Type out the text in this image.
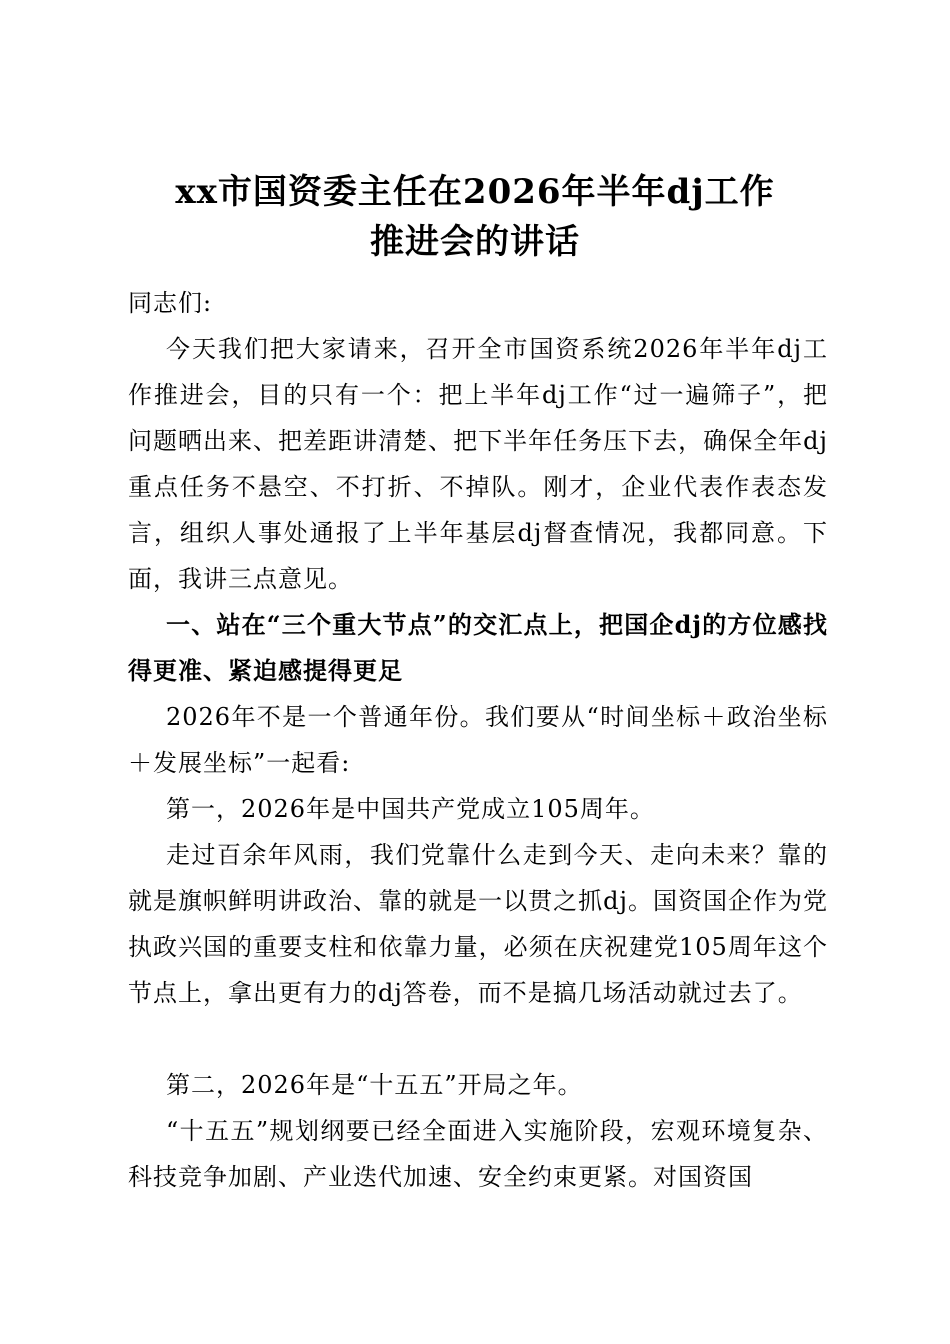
xx市国资委主任在2026年半年dj工作
推进会的讲话

同志们:

今天我们把大家请来，召开全市国资系统2026年半年dj工作推进会，目的只有一个：把上半年dj工作“过一遍筛子”，把问题晒出来、把差距讲清楚、把下半年任务压下去，确保全年dj重点任务不悬空、不打折、不掉队。刚才，企业代表作表态发言，组织人事处通报了上半年基层dj督查情况，我都同意。下面，我讲三点意见。

一、站在“三个重大节点”的交汇点上，把国企dj的方位感找得更准、紧迫感提得更足

2026年不是一个普通年份。我们要从“时间坐标＋政治坐标＋发展坐标”一起看:

第一，2026年是中国共产党成立105周年。

走过百余年风雨，我们党靠什么走到今天、走向未来？靠的就是旗帜鲜明讲政治、靠的就是一以贯之抓dj。国资国企作为党执政兴国的重要支柱和依靠力量，必须在庆祝建党105周年这个节点上，拿出更有力的dj答卷，而不是搞几场活动就过去了。

第二，2026年是“十五五”开局之年。

“十五五”规划纲要已经全面进入实施阶段，宏观环境复杂、科技竞争加剧、产业迭代加速、安全约束更紧。对国资国
